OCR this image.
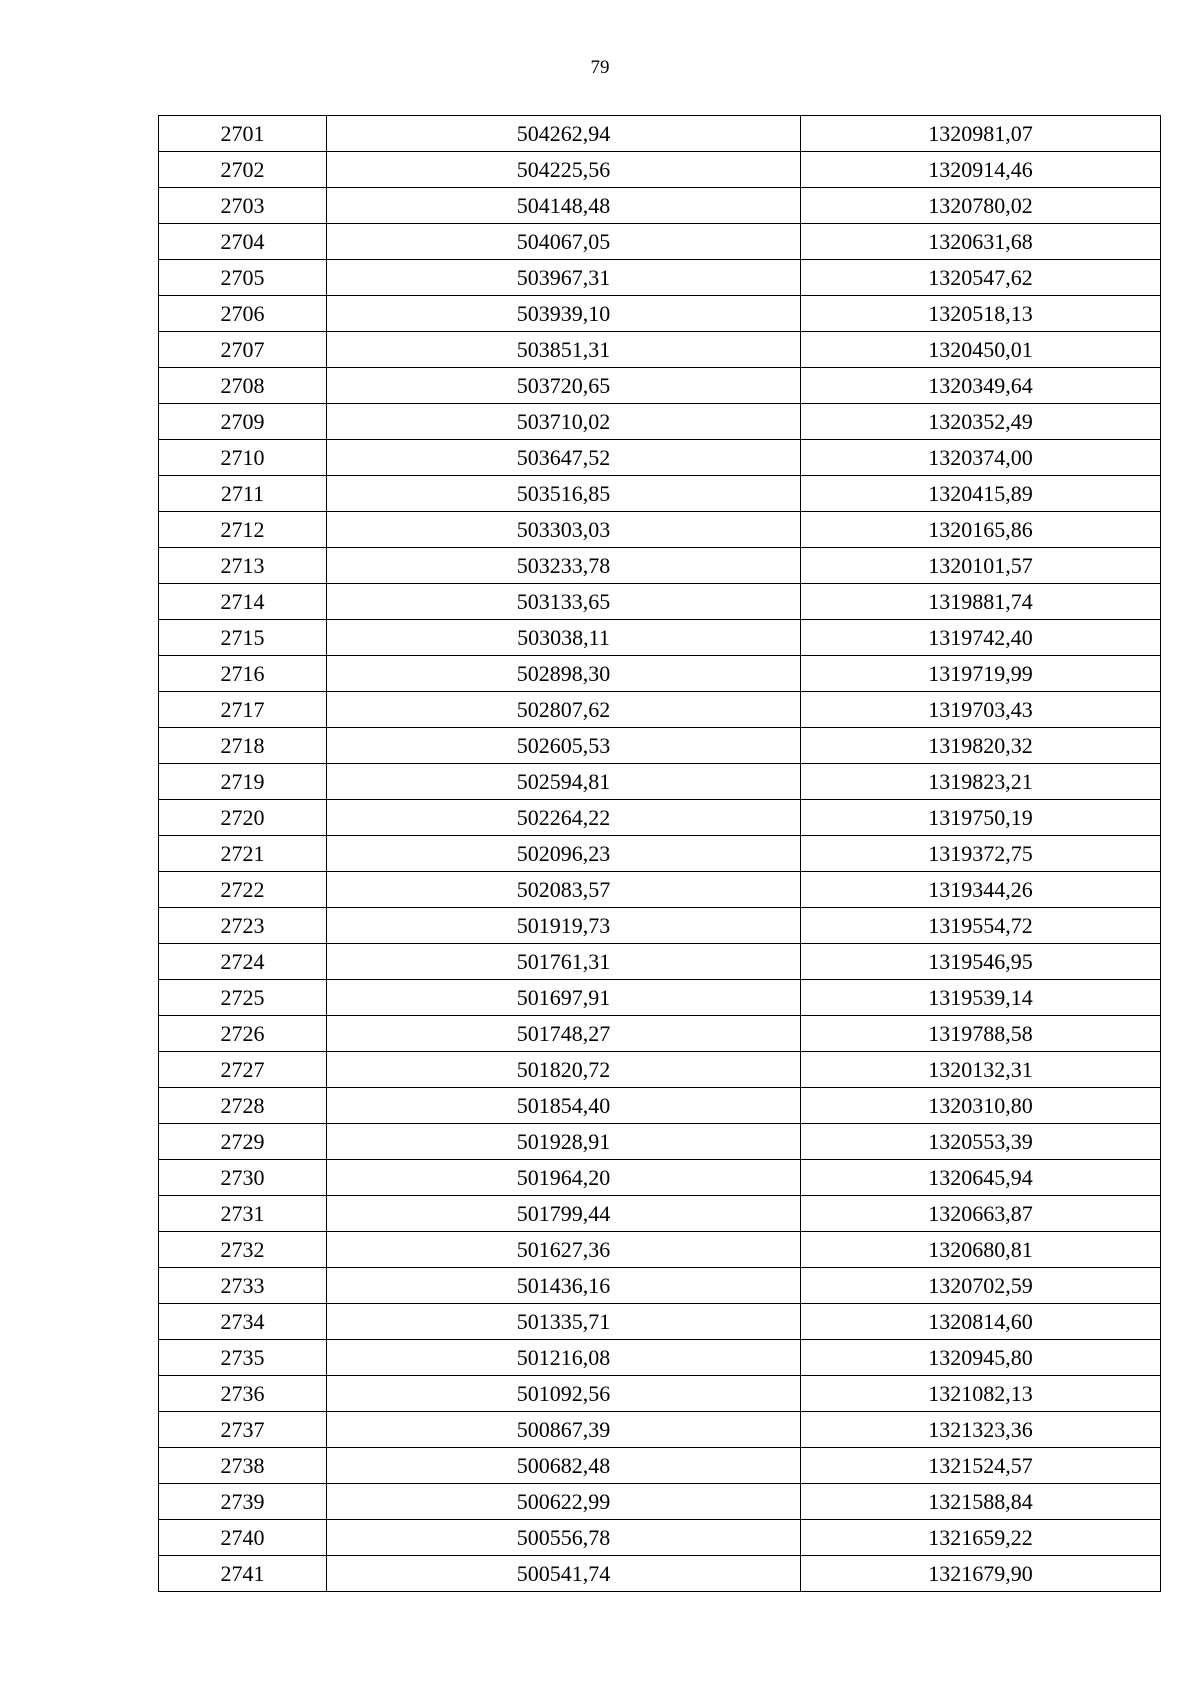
79
2701	504262,94	1320981,07
2702	504225,56	1320914,46
2703	504148,48	1320780,02
2704	504067,05	1320631,68
2705	503967,31	1320547,62
2706	503939,10	1320518,13
2707	503851,31	1320450,01
2708	503720,65	1320349,64
2709	503710,02	1320352,49
2710	503647,52	1320374,00
2711	503516,85	1320415,89
2712	503303,03	1320165,86
2713	503233,78	1320101,57
2714	503133,65	1319881,74
2715	503038,11	1319742,40
2716	502898,30	1319719,99
2717	502807,62	1319703,43
2718	502605,53	1319820,32
2719	502594,81	1319823,21
2720	502264,22	1319750,19
2721	502096,23	1319372,75
2722	502083,57	1319344,26
2723	501919,73	1319554,72
2724	501761,31	1319546,95
2725	501697,91	1319539,14
2726	501748,27	1319788,58
2727	501820,72	1320132,31
2728	501854,40	1320310,80
2729	501928,91	1320553,39
2730	501964,20	1320645,94
2731	501799,44	1320663,87
2732	501627,36	1320680,81
2733	501436,16	1320702,59
2734	501335,71	1320814,60
2735	501216,08	1320945,80
2736	501092,56	1321082,13
2737	500867,39	1321323,36
2738	500682,48	1321524,57
2739	500622,99	1321588,84
2740	500556,78	1321659,22
2741	500541,74	1321679,90
